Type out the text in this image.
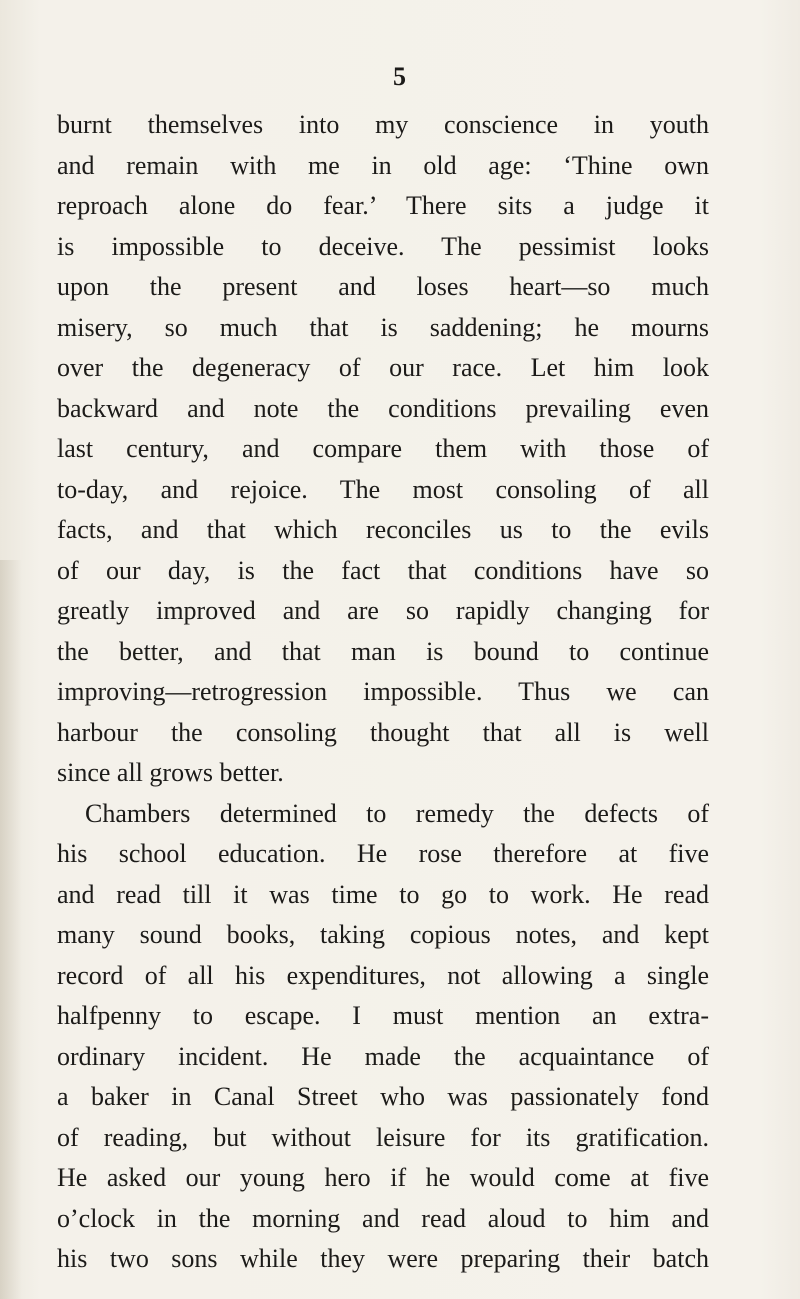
5
burnt themselves into my conscience in youth
and remain with me in old age: ‘Thine own
reproach alone do fear.’ There sits a judge it
is impossible to deceive. The pessimist looks
upon the present and loses heart—so much
misery, so much that is saddening; he mourns
over the degeneracy of our race. Let him look
backward and note the conditions prevailing even
last century, and compare them with those of
to-day, and rejoice. The most consoling of all
facts, and that which reconciles us to the evils
of our day, is the fact that conditions have so
greatly improved and are so rapidly changing for
the better, and that man is bound to continue
improving—retrogression impossible. Thus we can
harbour the consoling thought that all is well
since all grows better.
Chambers determined to remedy the defects of
his school education. He rose therefore at five
and read till it was time to go to work. He read
many sound books, taking copious notes, and kept
record of all his expenditures, not allowing a single
halfpenny to escape. I must mention an extra-
ordinary incident. He made the acquaintance of
a baker in Canal Street who was passionately fond
of reading, but without leisure for its gratification.
He asked our young hero if he would come at five
o’clock in the morning and read aloud to him and
his two sons while they were preparing their batch
